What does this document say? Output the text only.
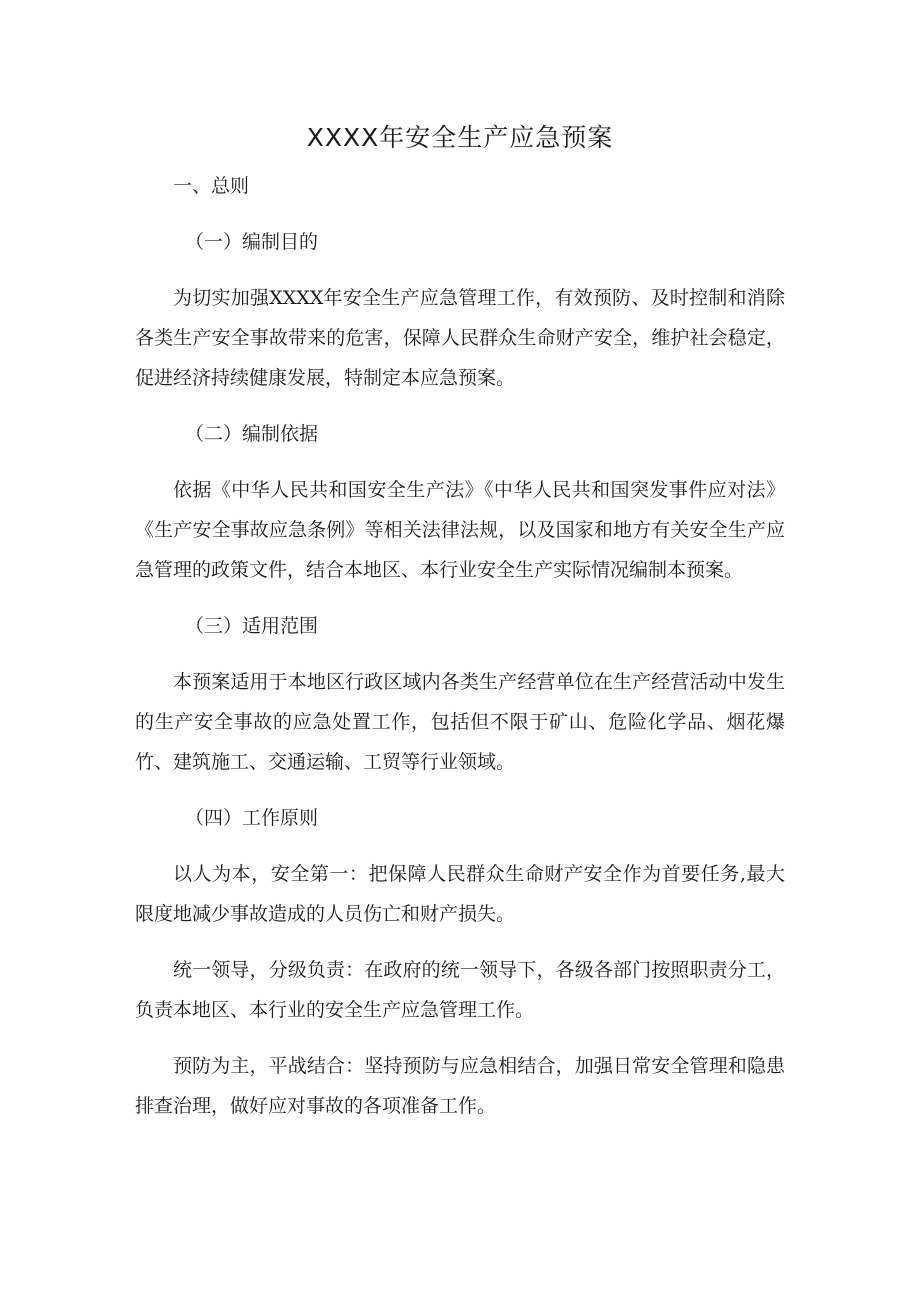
XXXX年安全生产应急预案

一、总则

（一）编制目的

为切实加强XXXX年安全生产应急管理工作，有效预防、及时控制和消除各类生产安全事故带来的危害，保障人民群众生命财产安全，维护社会稳定，促进经济持续健康发展，特制定本应急预案。

（二）编制依据

依据《中华人民共和国安全生产法》《中华人民共和国突发事件应对法》《生产安全事故应急条例》等相关法律法规，以及国家和地方有关安全生产应急管理的政策文件，结合本地区、本行业安全生产实际情况编制本预案。

（三）适用范围

本预案适用于本地区行政区域内各类生产经营单位在生产经营活动中发生的生产安全事故的应急处置工作，包括但不限于矿山、危险化学品、烟花爆竹、建筑施工、交通运输、工贸等行业领域。

（四）工作原则

以人为本，安全第一：把保障人民群众生命财产安全作为首要任务,最大限度地减少事故造成的人员伤亡和财产损失。

统一领导，分级负责：在政府的统一领导下，各级各部门按照职责分工，负责本地区、本行业的安全生产应急管理工作。

预防为主，平战结合：坚持预防与应急相结合，加强日常安全管理和隐患排查治理，做好应对事故的各项准备工作。
